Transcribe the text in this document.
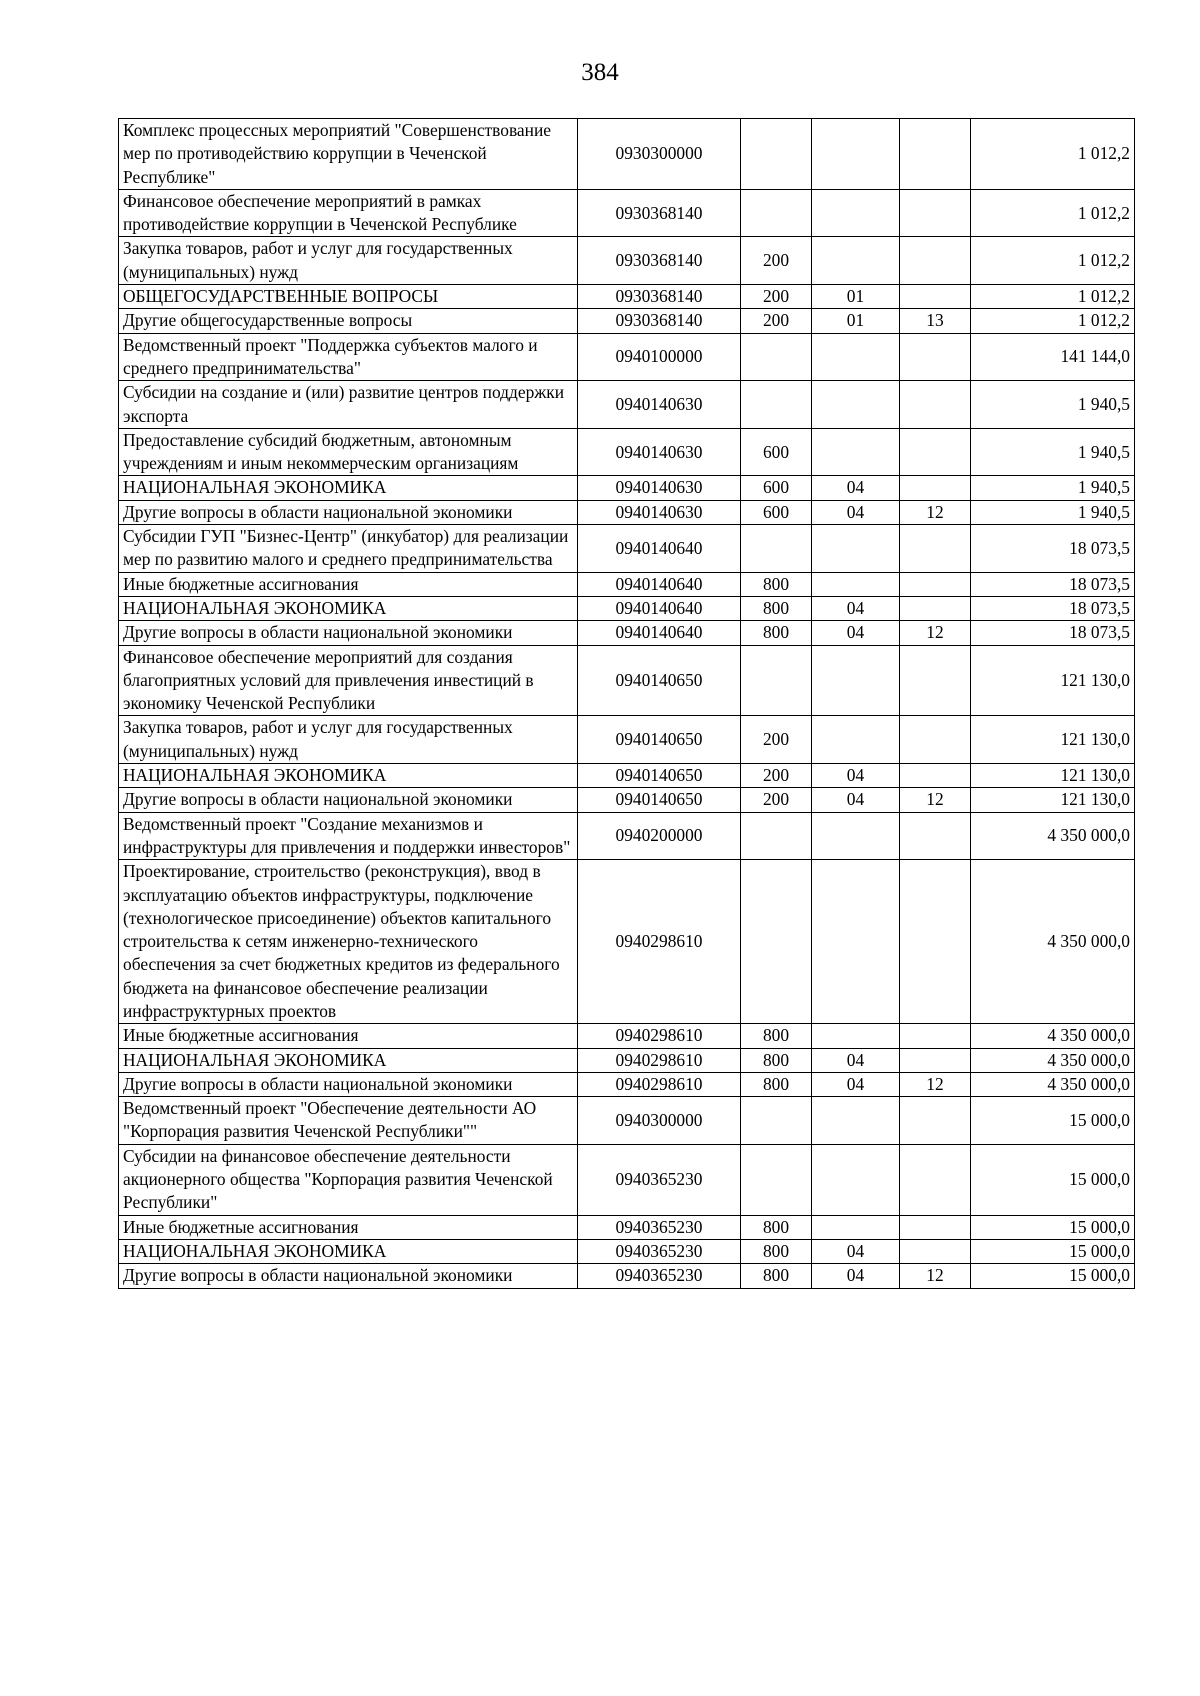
384
Комплекс процессных мероприятий "Совершенствование мер по противодействию коррупции в Чеченской Республике"	0930300000				1 012,2
Финансовое обеспечение мероприятий в рамках противодействие коррупции в Чеченской Республике	0930368140				1 012,2
Закупка товаров, работ и услуг для государственных (муниципальных) нужд	0930368140	200			1 012,2
ОБЩЕГОСУДАРСТВЕННЫЕ ВОПРОСЫ	0930368140	200	01		1 012,2
Другие общегосударственные вопросы	0930368140	200	01	13	1 012,2
Ведомственный проект "Поддержка субъектов малого и среднего предпринимательства"	0940100000				141 144,0
Субсидии на создание и (или) развитие центров поддержки экспорта	0940140630				1 940,5
Предоставление субсидий бюджетным, автономным учреждениям и иным некоммерческим организациям	0940140630	600			1 940,5
НАЦИОНАЛЬНАЯ ЭКОНОМИКА	0940140630	600	04		1 940,5
Другие вопросы в области национальной экономики	0940140630	600	04	12	1 940,5
Субсидии ГУП "Бизнес-Центр" (инкубатор) для реализации мер по развитию малого и среднего предпринимательства	0940140640				18 073,5
Иные бюджетные ассигнования	0940140640	800			18 073,5
НАЦИОНАЛЬНАЯ ЭКОНОМИКА	0940140640	800	04		18 073,5
Другие вопросы в области национальной экономики	0940140640	800	04	12	18 073,5
Финансовое обеспечение мероприятий для создания благоприятных условий для привлечения инвестиций в экономику Чеченской Республики	0940140650				121 130,0
Закупка товаров, работ и услуг для государственных (муниципальных) нужд	0940140650	200			121 130,0
НАЦИОНАЛЬНАЯ ЭКОНОМИКА	0940140650	200	04		121 130,0
Другие вопросы в области национальной экономики	0940140650	200	04	12	121 130,0
Ведомственный проект "Создание механизмов и инфраструктуры для привлечения и поддержки инвесторов"	0940200000				4 350 000,0
Проектирование, строительство (реконструкция), ввод в эксплуатацию объектов инфраструктуры, подключение (технологическое присоединение) объектов капитального строительства к сетям инженерно-технического обеспечения за счет бюджетных кредитов из федерального бюджета на финансовое обеспечение реализации инфраструктурных проектов	0940298610				4 350 000,0
Иные бюджетные ассигнования	0940298610	800			4 350 000,0
НАЦИОНАЛЬНАЯ ЭКОНОМИКА	0940298610	800	04		4 350 000,0
Другие вопросы в области национальной экономики	0940298610	800	04	12	4 350 000,0
Ведомственный проект "Обеспечение деятельности АО "Корпорация развития Чеченской Республики""	0940300000				15 000,0
Субсидии на финансовое обеспечение деятельности акционерного общества "Корпорация развития Чеченской Республики"	0940365230				15 000,0
Иные бюджетные ассигнования	0940365230	800			15 000,0
НАЦИОНАЛЬНАЯ ЭКОНОМИКА	0940365230	800	04		15 000,0
Другие вопросы в области национальной экономики	0940365230	800	04	12	15 000,0
